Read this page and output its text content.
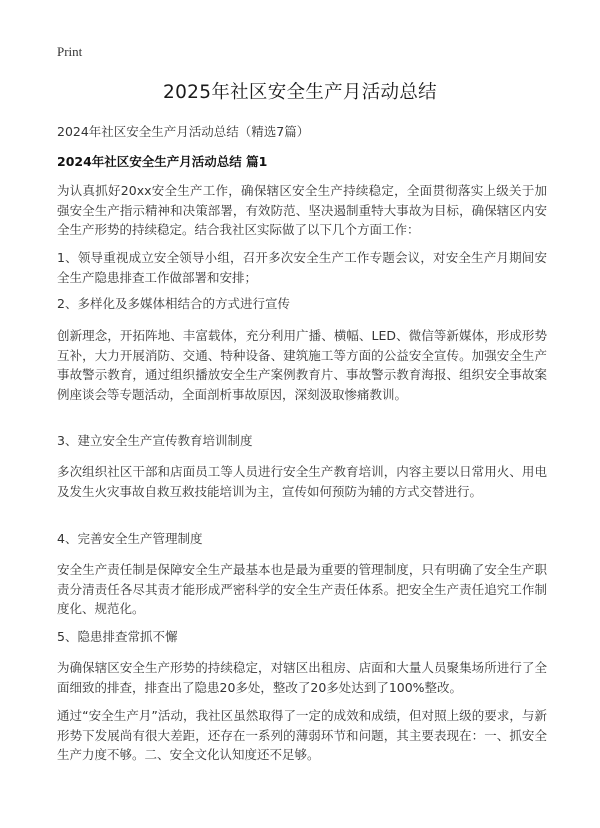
Print
2025年社区安全生产月活动总结
2024年社区安全生产月活动总结（精选7篇）
2024年社区安全生产月活动总结 篇1
为认真抓好20xx安全生产工作，确保辖区安全生产持续稳定，全面贯彻落实上级关于加强安全生产指示精神和决策部署，有效防范、坚决遏制重特大事故为目标，确保辖区内安全生产形势的持续稳定。结合我社区实际做了以下几个方面工作：
1、领导重视成立安全领导小组，召开多次安全生产工作专题会议，对安全生产月期间安全生产隐患排查工作做部署和安排；
2、多样化及多媒体相结合的方式进行宣传
创新理念，开拓阵地、丰富载体，充分利用广播、横幅、LED、微信等新媒体，形成形势互补，大力开展消防、交通、特种设备、建筑施工等方面的公益安全宣传。加强安全生产事故警示教育，通过组织播放安全生产案例教育片、事故警示教育海报、组织安全事故案例座谈会等专题活动，全面剖析事故原因，深刻汲取惨痛教训。
3、建立安全生产宣传教育培训制度
多次组织社区干部和店面员工等人员进行安全生产教育培训，内容主要以日常用火、用电及发生火灾事故自救互救技能培训为主，宣传如何预防为辅的方式交替进行。
4、完善安全生产管理制度
安全生产责任制是保障安全生产最基本也是最为重要的管理制度，只有明确了安全生产职责分清责任各尽其责才能形成严密科学的安全生产责任体系。把安全生产责任追究工作制度化、规范化。
5、隐患排查常抓不懈
为确保辖区安全生产形势的持续稳定，对辖区出租房、店面和大量人员聚集场所进行了全面细致的排查，排查出了隐患20多处，整改了20多处达到了100%整改。
通过“安全生产月”活动，我社区虽然取得了一定的成效和成绩，但对照上级的要求，与新形势下发展尚有很大差距，还存在一系列的薄弱环节和问题，其主要表现在：一、抓安全生产力度不够。二、安全文化认知度还不足够。
